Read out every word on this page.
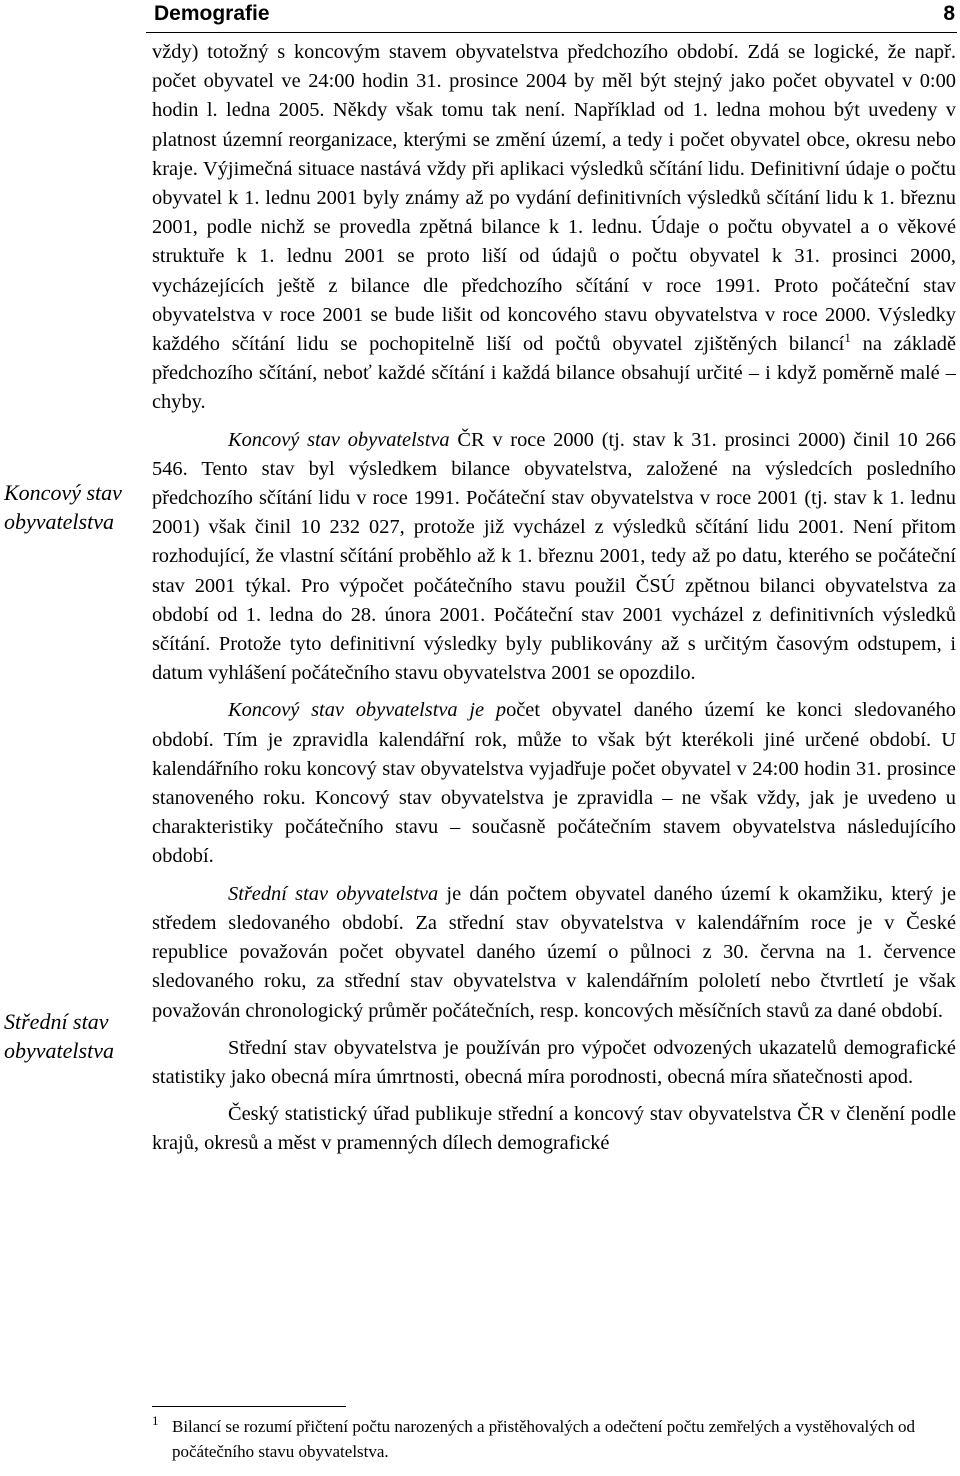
Demografie	8
Koncový stav obyvatelstva
Střední stav obyvatelstva

vždy) totožný s koncovým stavem obyvatelstva předchozího období. Zdá se logické, že např. počet obyvatel ve 24:00 hodin 31. prosince 2004 by měl být stejný jako počet obyvatel v 0:00 hodin l. ledna 2005. Někdy však tomu tak není. Například od 1. ledna mohou být uvedeny v platnost územní reorganizace, kterými se změní území, a tedy i počet obyvatel obce, okresu nebo kraje. Výjimečná situace nastává vždy při aplikaci výsledků sčítání lidu. Definitivní údaje o počtu obyvatel k 1. lednu 2001 byly známy až po vydání definitivních výsledků sčítání lidu k 1. březnu 2001, podle nichž se provedla zpětná bilance k 1. lednu. Údaje o počtu obyvatel a o věkové struktuře k 1. lednu 2001 se proto liší od údajů o počtu obyvatel k 31. prosinci 2000, vycházejících ještě z bilance dle předchozího sčítání v roce 1991. Proto počáteční stav obyvatelstva v roce 2001 se bude lišit od koncového stavu obyvatelstva v roce 2000. Výsledky každého sčítání lidu se pochopitelně liší od počtů obyvatel zjištěných bilancí$^1$ na základě předchozího sčítání, neboť každé sčítání i každá bilance obsahují určité – i když poměrně malé – chyby.

Koncový stav obyvatelstva ČR v roce 2000 (tj. stav k 31. prosinci 2000) činil 10 266 546. Tento stav byl výsledkem bilance obyvatelstva, založené na výsledcích posledního předchozího sčítání lidu v roce 1991. Počáteční stav obyvatelstva v roce 2001 (tj. stav k 1. lednu 2001) však činil 10 232 027, protože již vycházel z výsledků sčítání lidu 2001. Není přitom rozhodující, že vlastní sčítání proběhlo až k 1. březnu 2001, tedy až po datu, kterého se počáteční stav 2001 týkal. Pro výpočet počátečního stavu použil ČSÚ zpětnou bilanci obyvatelstva za období od 1. ledna do 28. února 2001. Počáteční stav 2001 vycházel z definitivních výsledků sčítání. Protože tyto definitivní výsledky byly publikovány až s určitým časovým odstupem, i datum vyhlášení počátečního stavu obyvatelstva 2001 se opozdilo.

Koncový stav obyvatelstva je počet obyvatel daného území ke konci sledovaného období. Tím je zpravidla kalendářní rok, může to však být kterékoli jiné určené období. U kalendářního roku koncový stav obyvatelstva vyjadřuje počet obyvatel v 24:00 hodin 31. prosince stanoveného roku. Koncový stav obyvatelstva je zpravidla – ne však vždy, jak je uvedeno u charakteristiky počátečního stavu – současně počátečním stavem obyvatelstva následujícího období.

Střední stav obyvatelstva je dán počtem obyvatel daného území k okamžiku, který je středem sledovaného období. Za střední stav obyvatelstva v kalendářním roce je v České republice považován počet obyvatel daného území o půlnoci z 30. června na 1. července sledovaného roku, za střední stav obyvatelstva v kalendářním pololetí nebo čtvrtletí je však považován chronologický průměr počátečních, resp. koncových měsíčních stavů za dané období.

Střední stav obyvatelstva je používán pro výpočet odvozených ukazatelů demografické statistiky jako obecná míra úmrtnosti, obecná míra porodnosti, obecná míra sňatečnosti apod.

Český statistický úřad publikuje střední a koncový stav obyvatelstva ČR v členění podle krajů, okresů a měst v pramenných dílech demografické

1 Bilancí se rozumí přičtení počtu narozených a přistěhovalých a odečtení počtu zemřelých a vystěhovalých od počátečního stavu obyvatelstva.
